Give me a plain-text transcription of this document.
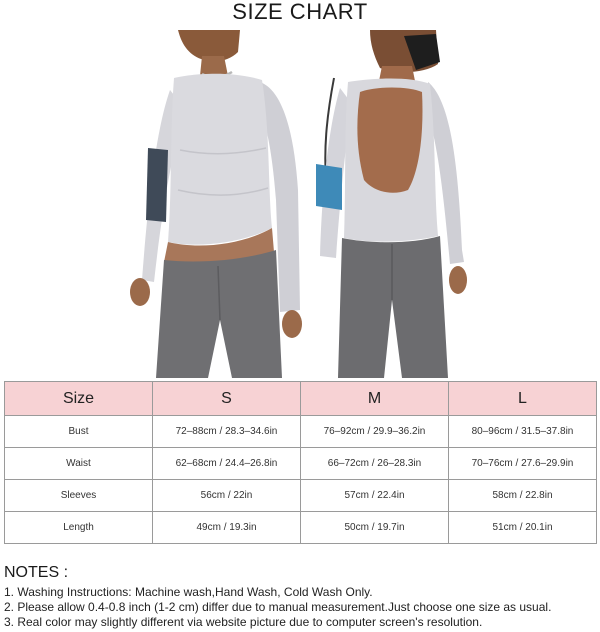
SIZE CHART
Size	S	M	L
Bust	72–88cm / 28.3–34.6in	76–92cm / 29.9–36.2in	80–96cm / 31.5–37.8in
Waist	62–68cm / 24.4–26.8in	66–72cm / 26–28.3in	70–76cm / 27.6–29.9in
Sleeves	56cm / 22in	57cm / 22.4in	58cm / 22.8in
Length	49cm / 19.3in	50cm / 19.7in	51cm / 20.1in
NOTES :
1. Washing Instructions: Machine wash,Hand Wash, Cold Wash Only.
2. Please allow 0.4-0.8 inch (1-2 cm) differ due to manual measurement.Just choose one size as usual.
3. Real color may slightly different via website picture due to computer screen's resolution.
